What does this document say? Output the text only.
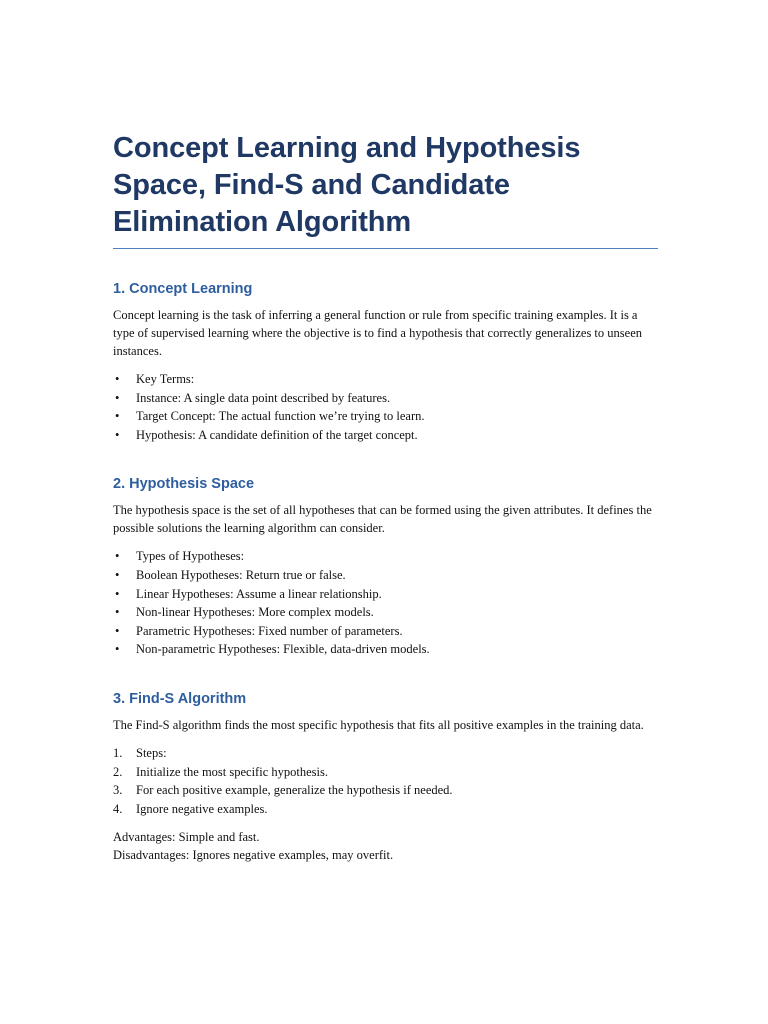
Concept Learning and Hypothesis Space, Find-S and Candidate Elimination Algorithm
1. Concept Learning

Concept learning is the task of inferring a general function or rule from specific training examples. It is a type of supervised learning where the objective is to find a hypothesis that correctly generalizes to unseen instances.

• Key Terms:
• Instance: A single data point described by features.
• Target Concept: The actual function we’re trying to learn.
• Hypothesis: A candidate definition of the target concept.
2. Hypothesis Space

The hypothesis space is the set of all hypotheses that can be formed using the given attributes. It defines the possible solutions the learning algorithm can consider.

• Types of Hypotheses:
• Boolean Hypotheses: Return true or false.
• Linear Hypotheses: Assume a linear relationship.
• Non-linear Hypotheses: More complex models.
• Parametric Hypotheses: Fixed number of parameters.
• Non-parametric Hypotheses: Flexible, data-driven models.
3. Find-S Algorithm

The Find-S algorithm finds the most specific hypothesis that fits all positive examples in the training data.

1. Steps:
2. Initialize the most specific hypothesis.
3. For each positive example, generalize the hypothesis if needed.
4. Ignore negative examples.

Advantages: Simple and fast.

Disadvantages: Ignores negative examples, may overfit.
